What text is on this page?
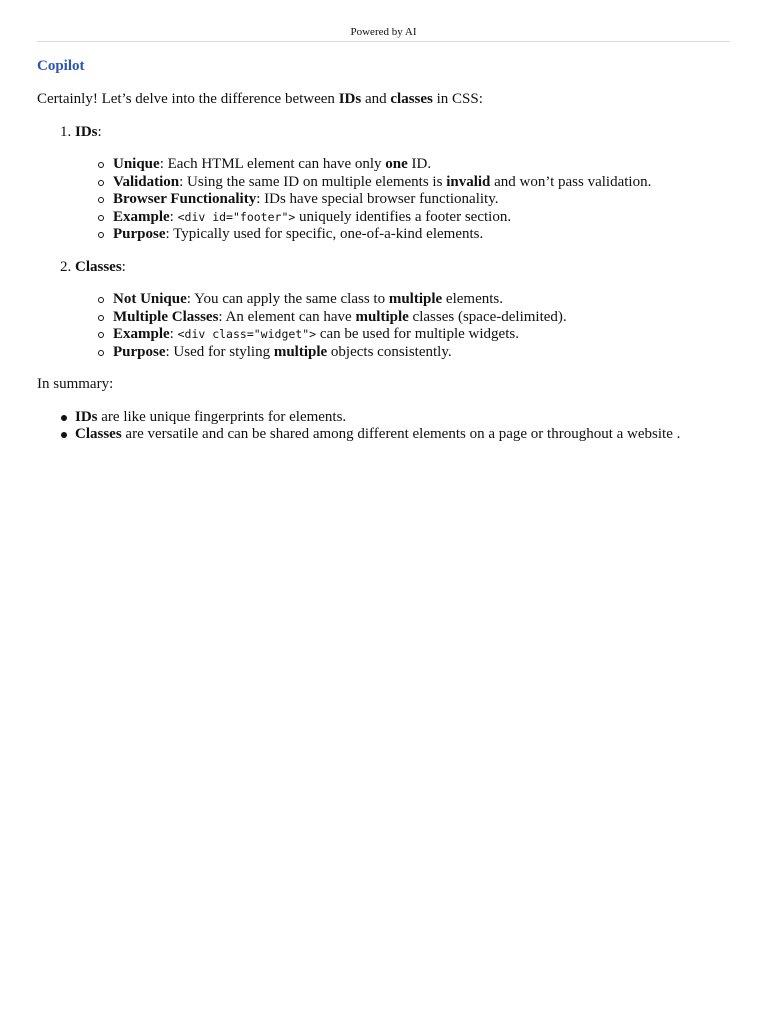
Powered by AI
Copilot

Certainly! Let’s delve into the difference between IDs and classes in CSS:

1. IDs:
Unique: Each HTML element can have only one ID.
Validation: Using the same ID on multiple elements is invalid and won’t pass validation.
Browser Functionality: IDs have special browser functionality.
Example: <div id="footer"> uniquely identifies a footer section.
Purpose: Typically used for specific, one-of-a-kind elements.
2. Classes:
Not Unique: You can apply the same class to multiple elements.
Multiple Classes: An element can have multiple classes (space-delimited).
Example: <div class="widget"> can be used for multiple widgets.
Purpose: Used for styling multiple objects consistently.

In summary:

IDs are like unique fingerprints for elements.
Classes are versatile and can be shared among different elements on a page or throughout a website .
